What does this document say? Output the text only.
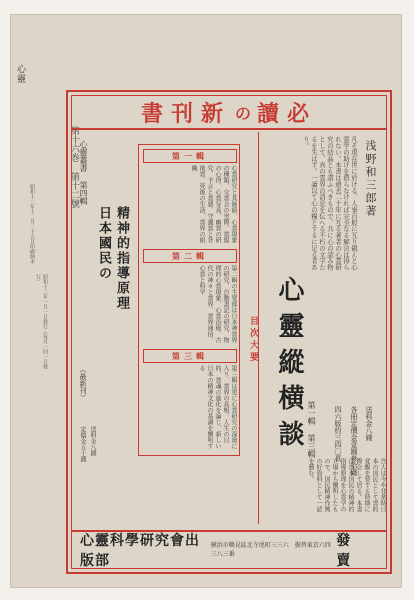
心靈
第十六巻 第十二號
昭和十二年十二月二十五日印刷納本
昭和十三年一月一日發行（毎月一回一日發行）
書刊新 の 讀必
浅野和三郎著
凡そ現在世に於ける、人事百般に互り観んと心霊学の助けを借らなければ完全なる解決は得られない。本書は過去二十年に互る著者の心霊研究の結晶とも謂ふべきもので、共に心の読み物として、真の霊界の消息を伝へる不朽の文字たるを失はず。一讀以て心の糧とするに足る者あり。
心靈縱横談 第一輯 第三輯	四六版約三四〇頁 各冊定價金壹圓參拾錢 送料金八錢
目次大要
第一輯
心霊研究と其価値、心霊現象の種類、交霊会の実際、霊媒の心得、心霊写真、幽霊の研究、予言と霊感、守護霊と背後霊、死後の生活、霊界の組織
第二輯
第二輯の主要部は日本神霊界の研究、自動書記の研究、物理的心霊現象、心霊治療、古代の神々と霊界、霊界通信、心霊と科学
第三輯
第三輯は更に心霊研究の深奥に入り、霊界の真相、人生の目的、霊魂の進化を論じ、新しい日本の精神文化の基調を闡明する
心靈叢書 第四輯
日本國民の 精神的指導原理
（最新刊）
定價金五十錢 送料金八錢
吾人は今や非常時日本の国民として霊的覚醒を要する時期に際会して居る。本書は日本国民の精神的指導原理を心霊学の立場から闡明したもので、国民精神作興の好資料として一読を薦む。
心靈科學研究會出版部
横浜市鶴見區北寺尾町三三六　振替東京六四三八三番
發賣
